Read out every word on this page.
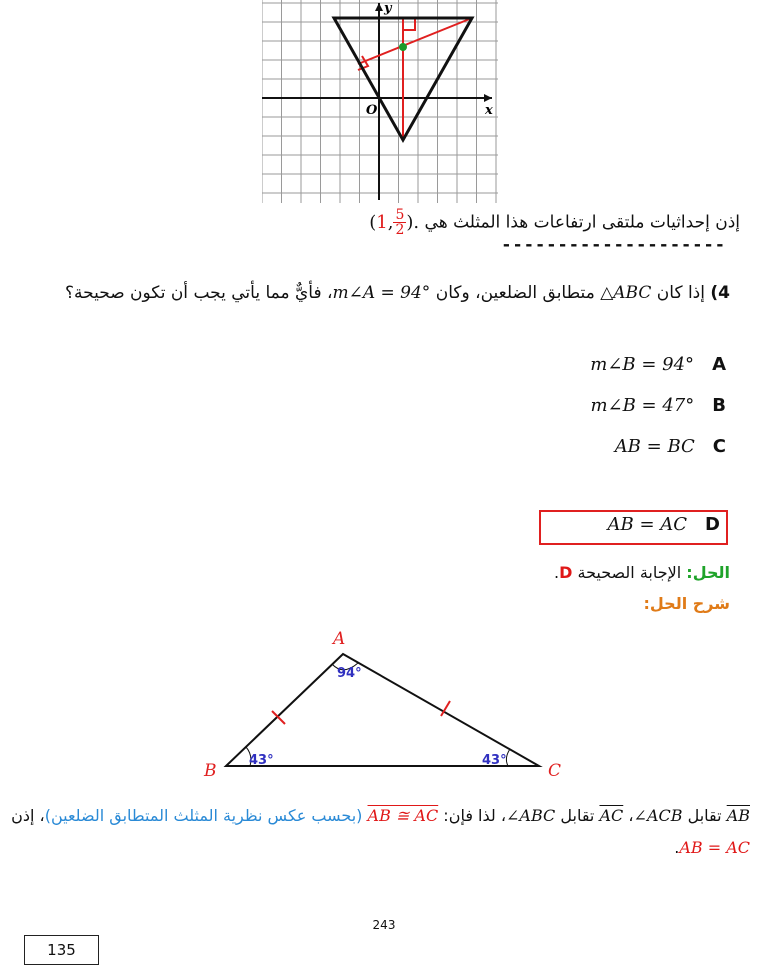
y
x
O
إذن إحداثيات ملتقى ارتفاعات هذا المثلث هي (1, $\frac{5}{2}$ ).
--------------------
4) إذا كان △ABC متطابق الضلعين، وكان m∠A = 94°، فأيٌّ مما يأتي يجب أن تكون صحيحة؟
m∠B = 94° A
m∠B = 47° B
AB = BC C
AB = AC D
الحل: الإجابة الصحيحة D.
شرح الحل:
A
B	C
94°
43°	43°
$\overline{AB}$ تقابل ∠ACB، $\overline{AC}$ تقابل ∠ABC، لذا فإن: AB ≅ AC (بحسب عكس نظرية المثلث المتطابق الضلعين)، إذن AB = AC.
243
135
